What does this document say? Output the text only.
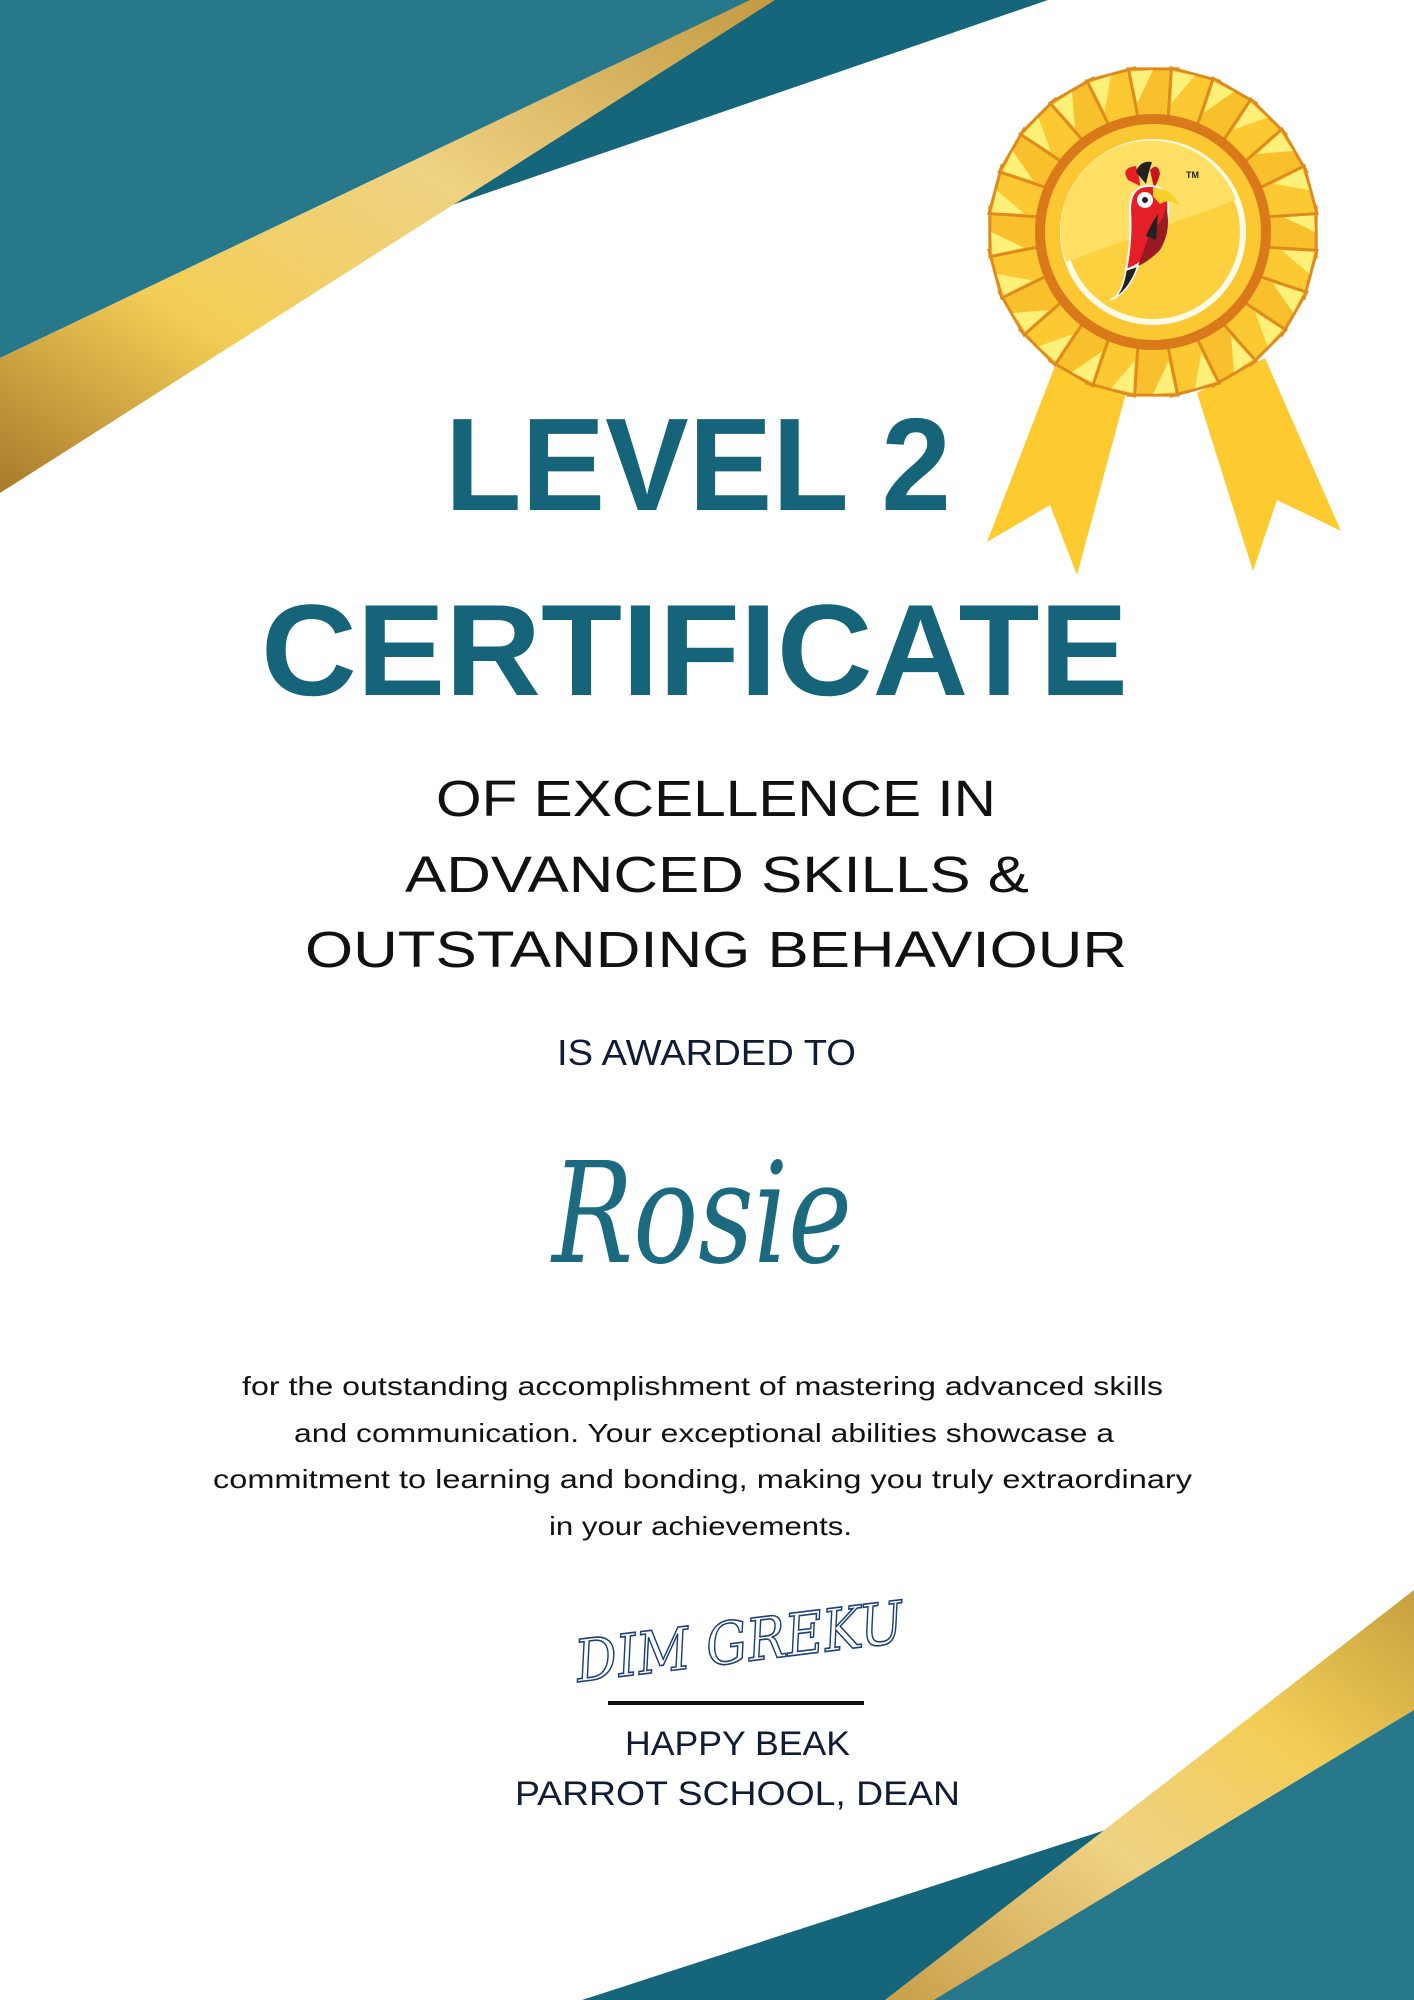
TM
LEVEL 2
CERTIFICATE
OF EXCELLENCE IN
ADVANCED SKILLS &
OUTSTANDING BEHAVIOUR
IS AWARDED TO
Rosie
for the outstanding accomplishment of mastering advanced skills
and communication. Your exceptional abilities showcase a
commitment to learning and bonding, making you truly extraordinary
in your achievements.
DIM GREKU
HAPPY BEAK
PARROT SCHOOL, DEAN
